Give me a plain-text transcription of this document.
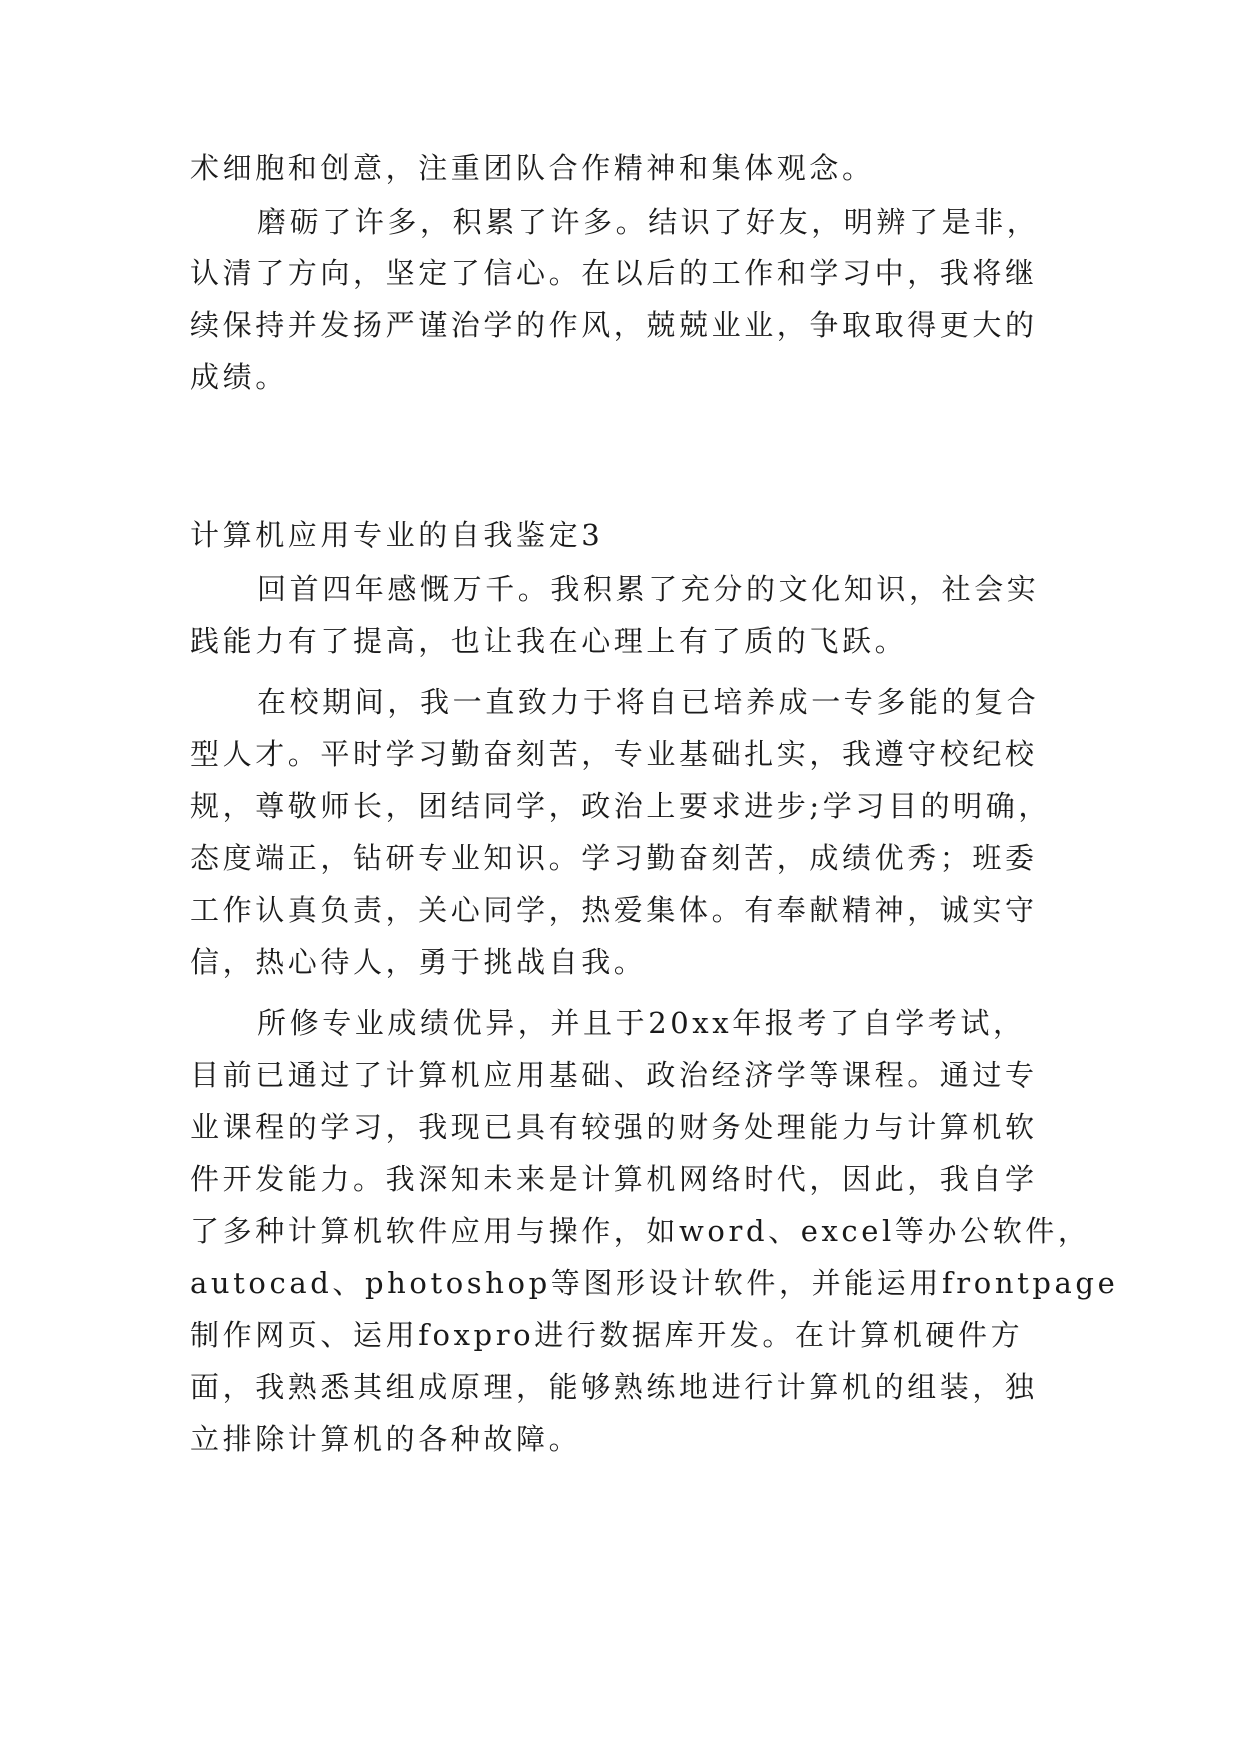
术细胞和创意，注重团队合作精神和集体观念。
磨砺了许多，积累了许多。结识了好友，明辨了是非，
认清了方向，坚定了信心。在以后的工作和学习中，我将继
续保持并发扬严谨治学的作风，兢兢业业，争取取得更大的
成绩。
计算机应用专业的自我鉴定3
回首四年感慨万千。我积累了充分的文化知识，社会实
践能力有了提高，也让我在心理上有了质的飞跃。
在校期间，我一直致力于将自已培养成一专多能的复合
型人才。平时学习勤奋刻苦，专业基础扎实，我遵守校纪校
规，尊敬师长，团结同学，政治上要求进步;学习目的明确，
态度端正，钻研专业知识。学习勤奋刻苦，成绩优秀；班委
工作认真负责，关心同学，热爱集体。有奉献精神，诚实守
信，热心待人，勇于挑战自我。
所修专业成绩优异，并且于20xx年报考了自学考试，
目前已通过了计算机应用基础、政治经济学等课程。通过专
业课程的学习，我现已具有较强的财务处理能力与计算机软
件开发能力。我深知未来是计算机网络时代，因此，我自学
了多种计算机软件应用与操作，如word、excel等办公软件，
autocad、photoshop等图形设计软件，并能运用frontpage
制作网页、运用foxpro进行数据库开发。在计算机硬件方
面，我熟悉其组成原理，能够熟练地进行计算机的组装，独
立排除计算机的各种故障。
